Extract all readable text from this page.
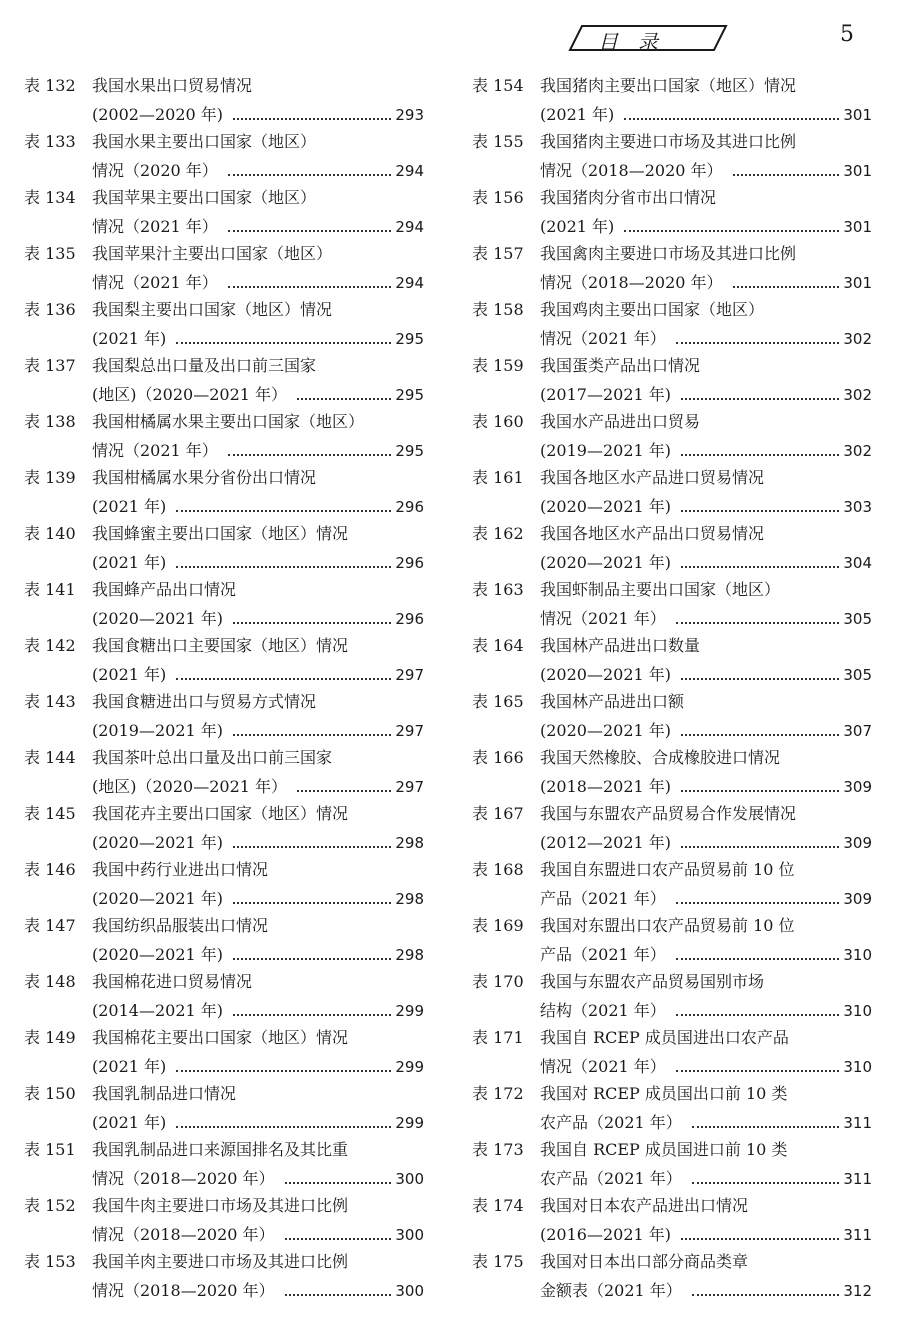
目录	5
表 132 我国水果出口贸易情况
(2002—2020 年)	293
表 133 我国水果主要出口国家（地区）
情况（2020 年）	294
表 134 我国苹果主要出口国家（地区）
情况（2021 年）	294
表 135 我国苹果汁主要出口国家（地区）
情况（2021 年）	294
表 136 我国梨主要出口国家（地区）情况
(2021 年)	295
表 137 我国梨总出口量及出口前三国家
(地区)（2020—2021 年）	295
表 138 我国柑橘属水果主要出口国家（地区）
情况（2021 年）	295
表 139 我国柑橘属水果分省份出口情况
(2021 年)	296
表 140 我国蜂蜜主要出口国家（地区）情况
(2021 年)	296
表 141 我国蜂产品出口情况
(2020—2021 年)	296
表 142 我国食糖出口主要国家（地区）情况
(2021 年)	297
表 143 我国食糖进出口与贸易方式情况
(2019—2021 年)	297
表 144 我国茶叶总出口量及出口前三国家
(地区)（2020—2021 年）	297
表 145 我国花卉主要出口国家（地区）情况
(2020—2021 年)	298
表 146 我国中药行业进出口情况
(2020—2021 年)	298
表 147 我国纺织品服装出口情况
(2020—2021 年)	298
表 148 我国棉花进口贸易情况
(2014—2021 年)	299
表 149 我国棉花主要出口国家（地区）情况
(2021 年)	299
表 150 我国乳制品进口情况
(2021 年)	299
表 151 我国乳制品进口来源国排名及其比重
情况（2018—2020 年）	300
表 152 我国牛肉主要进口市场及其进口比例
情况（2018—2020 年）	300
表 153 我国羊肉主要进口市场及其进口比例
情况（2018—2020 年）	300
表 154 我国猪肉主要出口国家（地区）情况
(2021 年)	301
表 155 我国猪肉主要进口市场及其进口比例
情况（2018—2020 年）	301
表 156 我国猪肉分省市出口情况
(2021 年)	301
表 157 我国禽肉主要进口市场及其进口比例
情况（2018—2020 年）	301
表 158 我国鸡肉主要出口国家（地区）
情况（2021 年）	302
表 159 我国蛋类产品出口情况
(2017—2021 年)	302
表 160 我国水产品进出口贸易
(2019—2021 年)	302
表 161 我国各地区水产品进口贸易情况
(2020—2021 年)	303
表 162 我国各地区水产品出口贸易情况
(2020—2021 年)	304
表 163 我国虾制品主要出口国家（地区）
情况（2021 年）	305
表 164 我国林产品进出口数量
(2020—2021 年)	305
表 165 我国林产品进出口额
(2020—2021 年)	307
表 166 我国天然橡胶、合成橡胶进口情况
(2018—2021 年)	309
表 167 我国与东盟农产品贸易合作发展情况
(2012—2021 年)	309
表 168 我国自东盟进口农产品贸易前 10 位
产品（2021 年）	309
表 169 我国对东盟出口农产品贸易前 10 位
产品（2021 年）	310
表 170 我国与东盟农产品贸易国别市场
结构（2021 年）	310
表 171 我国自 RCEP 成员国进出口农产品
情况（2021 年）	310
表 172 我国对 RCEP 成员国出口前 10 类
农产品（2021 年）	311
表 173 我国自 RCEP 成员国进口前 10 类
农产品（2021 年）	311
表 174 我国对日本农产品进出口情况
(2016—2021 年)	311
表 175 我国对日本出口部分商品类章
金额表（2021 年）	312
